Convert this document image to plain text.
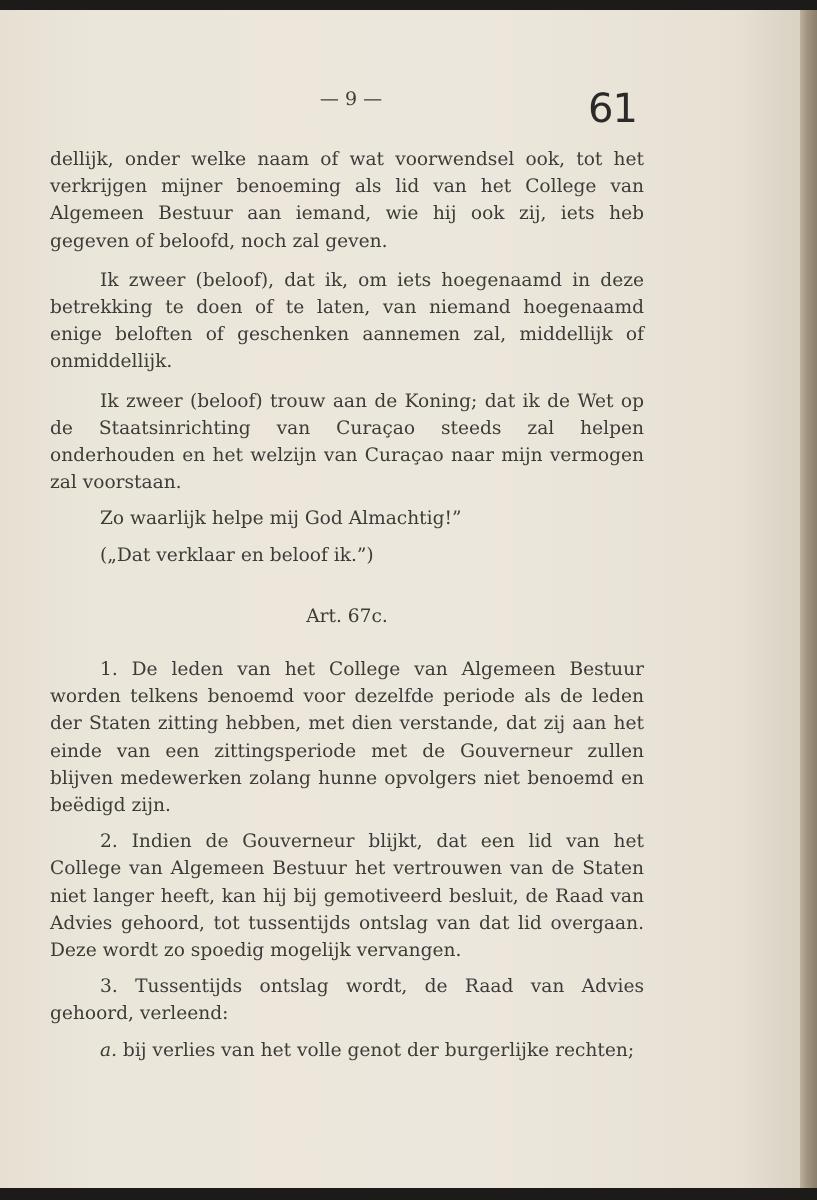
— 9 —	61

dellijk, onder welke naam of wat voorwendsel ook, tot het verkrijgen mijner benoeming als lid van het College van Algemeen Bestuur aan iemand, wie hij ook zij, iets heb gegeven of beloofd, noch zal geven.

Ik zweer (beloof), dat ik, om iets hoegenaamd in deze betrekking te doen of te laten, van niemand hoegenaamd enige beloften of geschenken aannemen zal, middellijk of onmiddellijk.

Ik zweer (beloof) trouw aan de Koning; dat ik de Wet op de Staatsinrichting van Curaçao steeds zal helpen onderhouden en het welzijn van Curaçao naar mijn vermogen zal voorstaan.

Zo waarlijk helpe mij God Almachtig!”

(„Dat verklaar en beloof ik.”)

Art. 67c.

1. De leden van het College van Algemeen Bestuur worden telkens benoemd voor dezelfde periode als de leden der Staten zitting hebben, met dien verstande, dat zij aan het einde van een zittingsperiode met de Gouverneur zullen blijven medewerken zolang hunne opvolgers niet benoemd en beëdigd zijn.

2. Indien de Gouverneur blijkt, dat een lid van het College van Algemeen Bestuur het vertrouwen van de Staten niet langer heeft, kan hij bij gemotiveerd besluit, de Raad van Advies gehoord, tot tussentijds ontslag van dat lid overgaan. Deze wordt zo spoedig mogelijk vervangen.

3. Tussentijds ontslag wordt, de Raad van Advies gehoord, verleend:

a. bij verlies van het volle genot der burgerlijke rechten;
